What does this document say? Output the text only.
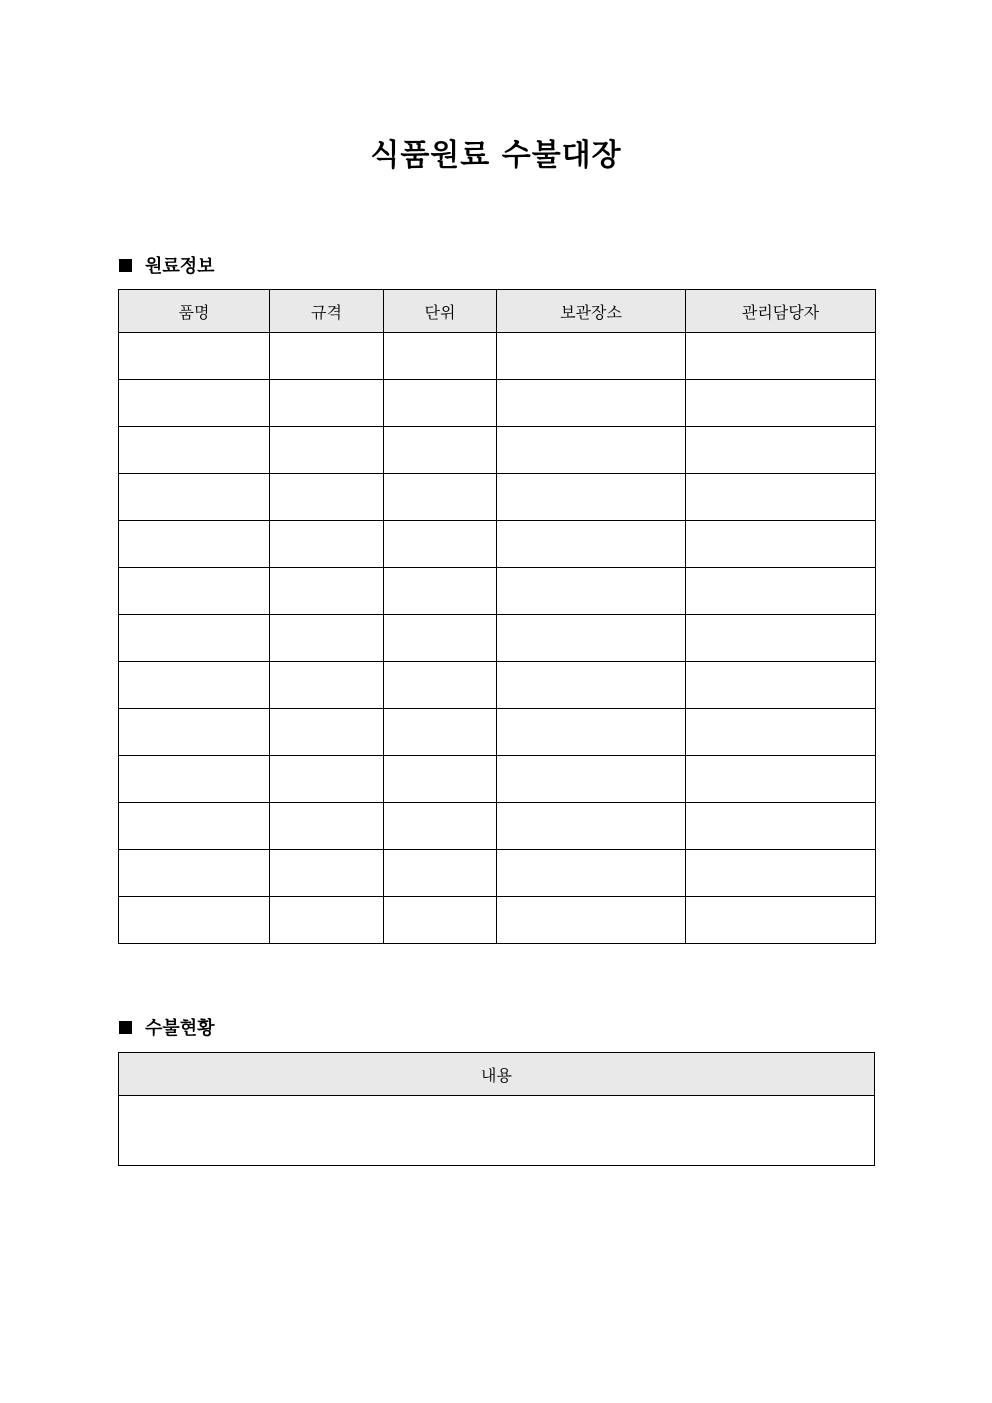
식품원료 수불대장
원료정보
품명	규격	단위	보관장소	관리담당자

수불현황
내용
